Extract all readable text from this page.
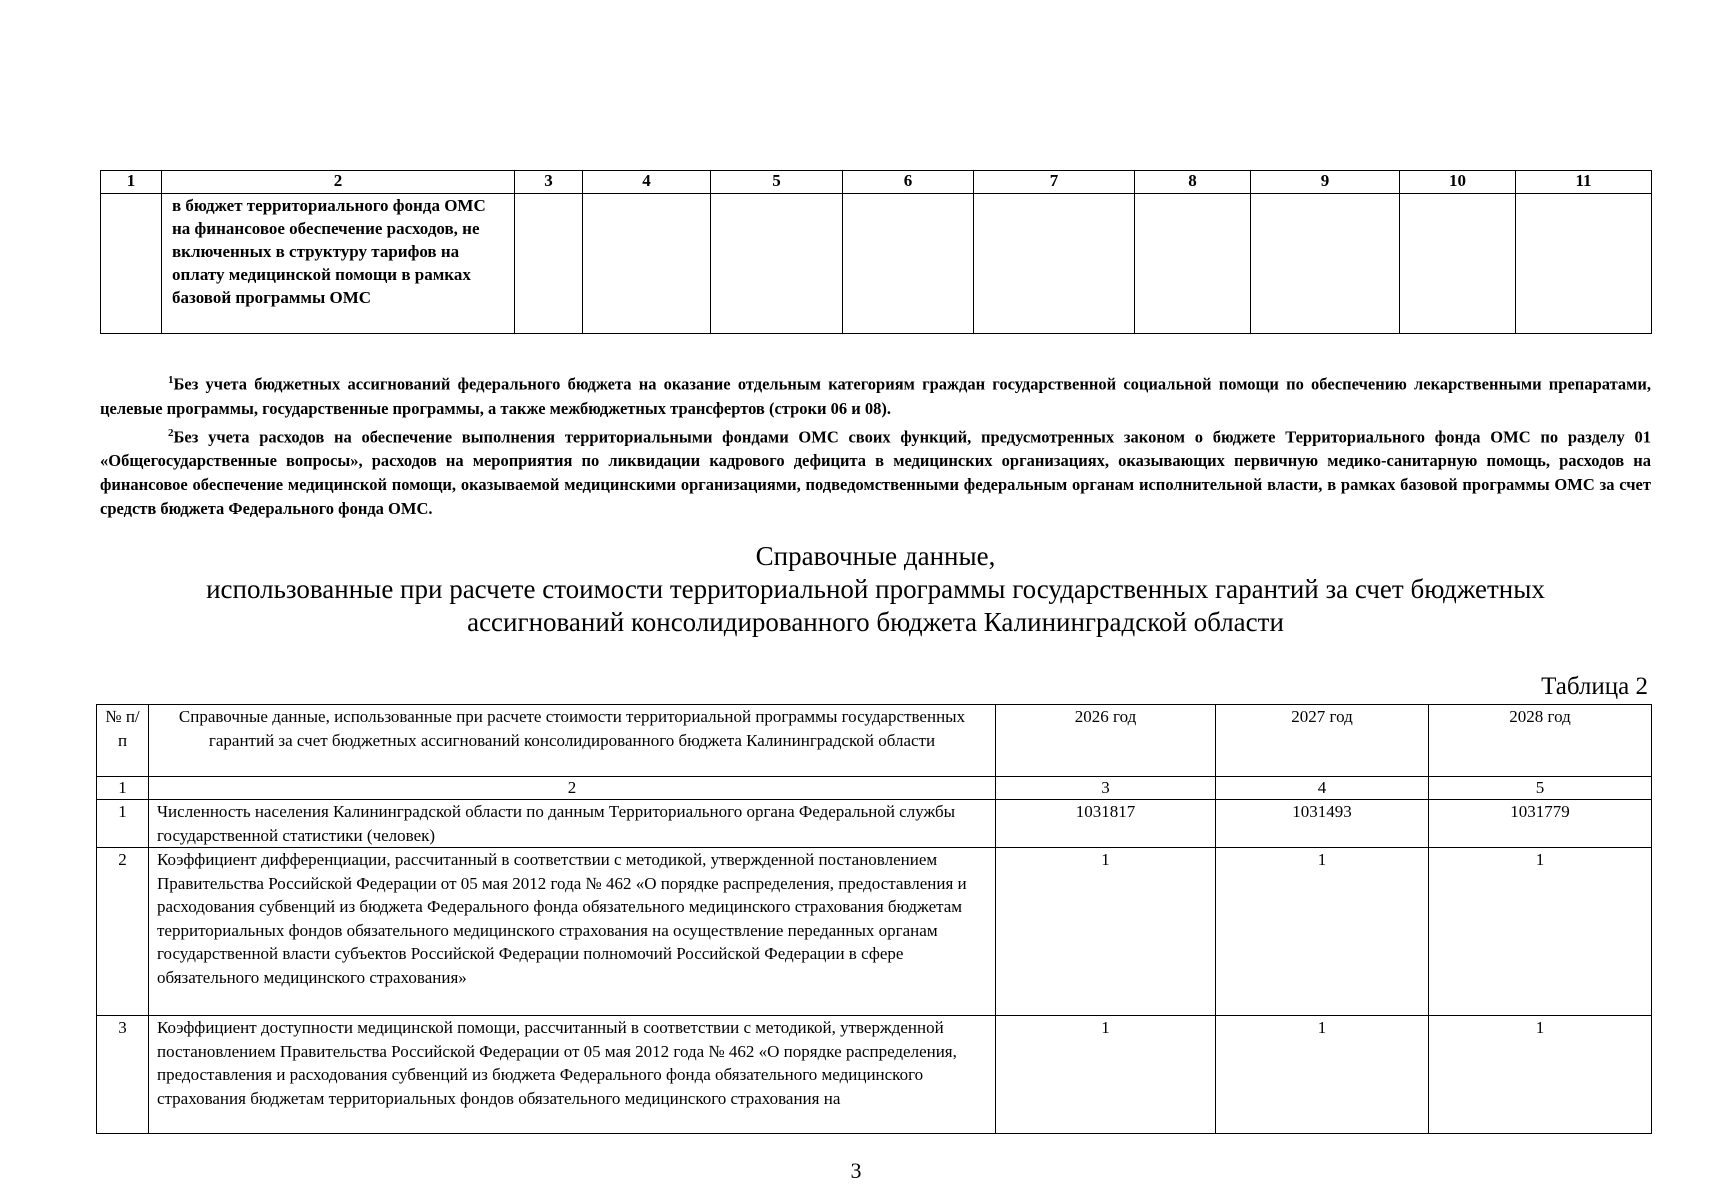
1	2	3	4	5	6	7	8	9	10	11
	в бюджет территориального фонда ОМС на финансовое обеспечение расходов, не включенных в структуру тарифов на оплату медицинской помощи в рамках базовой программы ОМС									

$^1$Без учета бюджетных ассигнований федерального бюджета на оказание отдельным категориям граждан государственной социальной помощи по обеспечению лекарственными препаратами, целевые программы, государственные программы, а также межбюджетных трансфертов (строки 06 и 08).

$^2$Без учета расходов на обеспечение выполнения территориальными фондами ОМС своих функций, предусмотренных законом о бюджете Территориального фонда ОМС по разделу 01 «Общегосударственные вопросы», расходов на мероприятия по ликвидации кадрового дефицита в медицинских организациях, оказывающих первичную медико-санитарную помощь, расходов на финансовое обеспечение медицинской помощи, оказываемой медицинскими организациями, подведомственными федеральным органам исполнительной власти, в рамках базовой программы ОМС за счет средств бюджета Федерального фонда ОМС.

Справочные данные,
использованные при расчете стоимости территориальной программы государственных гарантий за счет бюджетных
ассигнований консолидированного бюджета Калининградской области
Таблица 2
№ п/п	Справочные данные, использованные при расчете стоимости территориальной программы государственных гарантий за счет бюджетных ассигнований консолидированного бюджета Калининградской области	2026 год	2027 год	2028 год
1	2	3	4	5
1	Численность населения Калининградской области по данным Территориального органа Федеральной службы государственной статистики (человек)	1031817	1031493	1031779
2	Коэффициент дифференциации, рассчитанный в соответствии с методикой, утвержденной постановлением Правительства Российской Федерации от 05 мая 2012 года № 462 «О порядке распределения, предоставления и расходования субвенций из бюджета Федерального фонда обязательного медицинского страхования бюджетам территориальных фондов обязательного медицинского страхования на осуществление переданных органам государственной власти субъектов Российской Федерации полномочий Российской Федерации в сфере обязательного медицинского страхования»	1	1	1
3	Коэффициент доступности медицинской помощи, рассчитанный в соответствии с методикой, утвержденной постановлением Правительства Российской Федерации от 05 мая 2012 года № 462 «О порядке распределения, предоставления и расходования субвенций из бюджета Федерального фонда обязательного медицинского страхования бюджетам территориальных фондов обязательного медицинского страхования на	1	1	1
3
